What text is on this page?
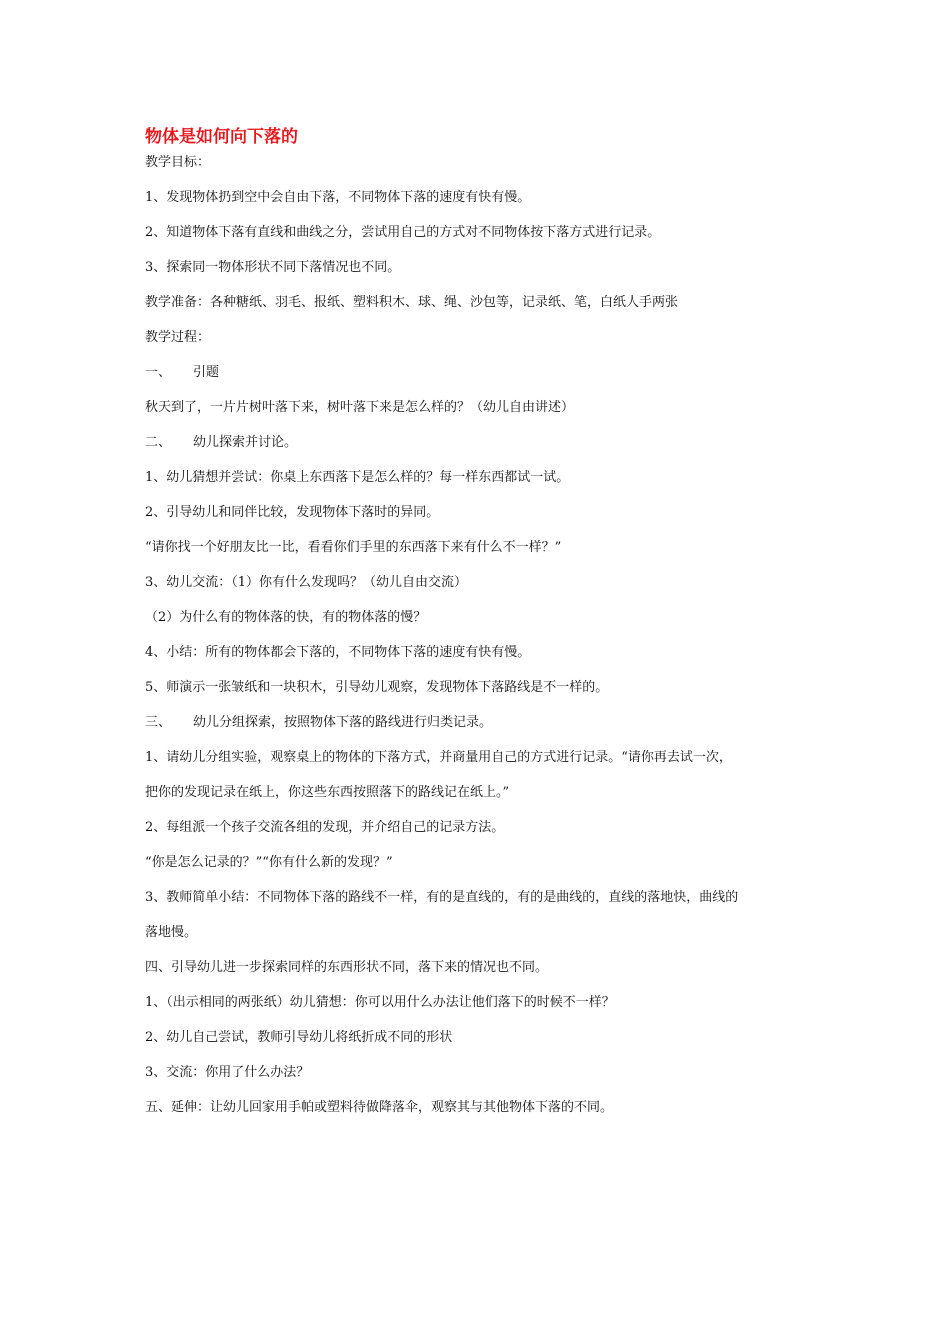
物体是如何向下落的
教学目标：
1、发现物体扔到空中会自由下落，不同物体下落的速度有快有慢。
2、知道物体下落有直线和曲线之分，尝试用自己的方式对不同物体按下落方式进行记录。
3、探索同一物体形状不同下落情况也不同。
教学准备：各种糖纸、羽毛、报纸、塑料积木、球、绳、沙包等，记录纸、笔，白纸人手两张
教学过程：
一、 引题
秋天到了，一片片树叶落下来，树叶落下来是怎么样的？（幼儿自由讲述）
二、 幼儿探索并讨论。
1、幼儿猜想并尝试：你桌上东西落下是怎么样的？每一样东西都试一试。
2、引导幼儿和同伴比较，发现物体下落时的异同。
“请你找一个好朋友比一比，看看你们手里的东西落下来有什么不一样？”
3、幼儿交流：（1）你有什么发现吗？（幼儿自由交流）
（2）为什么有的物体落的快，有的物体落的慢？
4、小结：所有的物体都会下落的，不同物体下落的速度有快有慢。
5、师演示一张皱纸和一块积木，引导幼儿观察，发现物体下落路线是不一样的。
三、 幼儿分组探索，按照物体下落的路线进行归类记录。
1、请幼儿分组实验，观察桌上的物体的下落方式，并商量用自己的方式进行记录。“请你再去试一次，
把你的发现记录在纸上，你这些东西按照落下的路线记在纸上。”
2、每组派一个孩子交流各组的发现，并介绍自己的记录方法。
“你是怎么记录的？”“你有什么新的发现？”
3、教师简单小结：不同物体下落的路线不一样，有的是直线的，有的是曲线的，直线的落地快，曲线的
落地慢。
四、引导幼儿进一步探索同样的东西形状不同，落下来的情况也不同。
1、（出示相同的两张纸）幼儿猜想：你可以用什么办法让他们落下的时候不一样？
2、幼儿自己尝试，教师引导幼儿将纸折成不同的形状
3、交流：你用了什么办法？
五、延伸：让幼儿回家用手帕或塑料待做降落伞，观察其与其他物体下落的不同。
